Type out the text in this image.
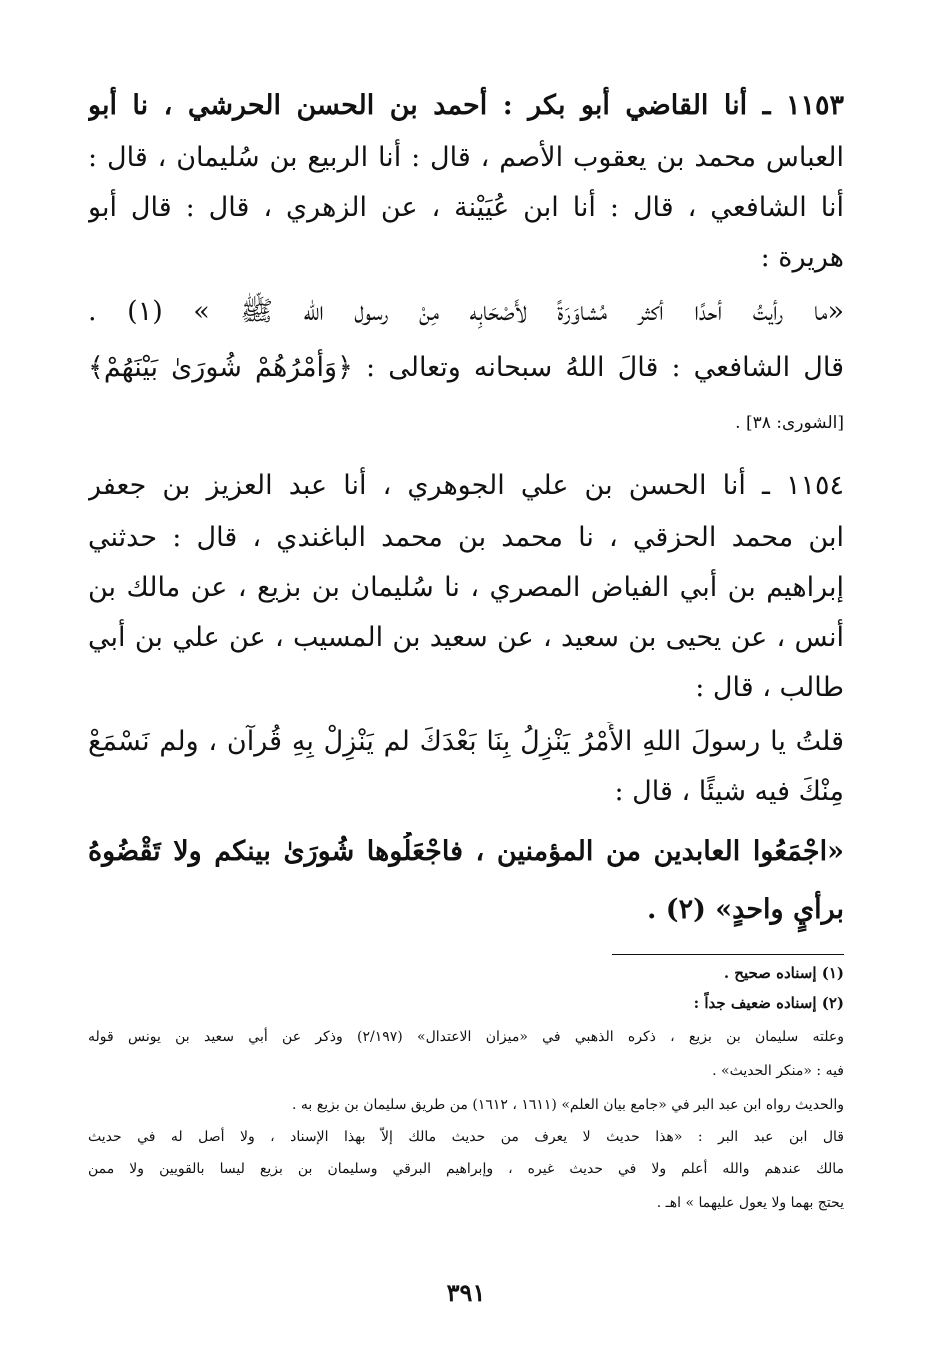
١١٥٣ ـ أنا القاضي أبو بكر : أحمد بن الحسن الحرشي ، نا أبو
العباس محمد بن يعقوب الأصم ، قال : أنا الربيع بن سُليمان ، قال :
أنا الشافعي ، قال : أنا ابن عُيَيْنة ، عن الزهري ، قال : قال أبو
هريرة :
«ما رأيتُ أحدًا أكثر مُشاوَرَةً لأَصْحَابِه مِنْ رسول الله ﷺ » (١) .
قال الشافعي : قالَ اللهُ سبحانه وتعالى : ﴿وَأَمْرُهُمْ شُورَىٰ بَيْنَهُمْ﴾
[الشورى: ٣٨] .
١١٥٤ ـ أنا الحسن بن علي الجوهري ، أنا عبد العزيز بن جعفر
ابن محمد الحزقي ، نا محمد بن محمد الباغندي ، قال : حدثني
إبراهيم بن أبي الفياض المصري ، نا سُليمان بن بزيع ، عن مالك بن
أنس ، عن يحيى بن سعيد ، عن سعيد بن المسيب ، عن علي بن أبي
طالب ، قال :
قلتُ يا رسولَ اللهِ الأَمْرُ يَنْزِلُ بِنَا بَعْدَكَ لم يَنْزِلْ بِهِ قُرآن ، ولم نَسْمَعْ
مِنْكَ فيه شيئًا ، قال :
«اجْمَعُوا العابدين من المؤمنين ، فاجْعَلُوها شُورَىٰ بينكم ولا تَقْضُوهُ
برأيٍ واحدٍ» (٢) .
(١) إسناده صحيح .
(٢) إسناده ضعيف جداً :
وعلته سليمان بن بزيع ، ذكره الذهبي في «ميزان الاعتدال» (٢/١٩٧) وذكر عن أبي سعيد بن يونس قوله
فيه : «منكر الحديث» .
والحديث رواه ابن عبد البر في «جامع بيان العلم» (١٦١١ ، ١٦١٢) من طريق سليمان بن بزيع به .
قال ابن عبد البر : «هذا حديث لا يعرف من حديث مالك إلاّ بهذا الإسناد ، ولا أصل له في حديث
مالك عندهم والله أعلم ولا في حديث غيره ، وإبراهيم البرقي وسليمان بن بزيع ليسا بالقويين ولا ممن
يحتج بهما ولا يعول عليهما » اهـ .
٣٩١
